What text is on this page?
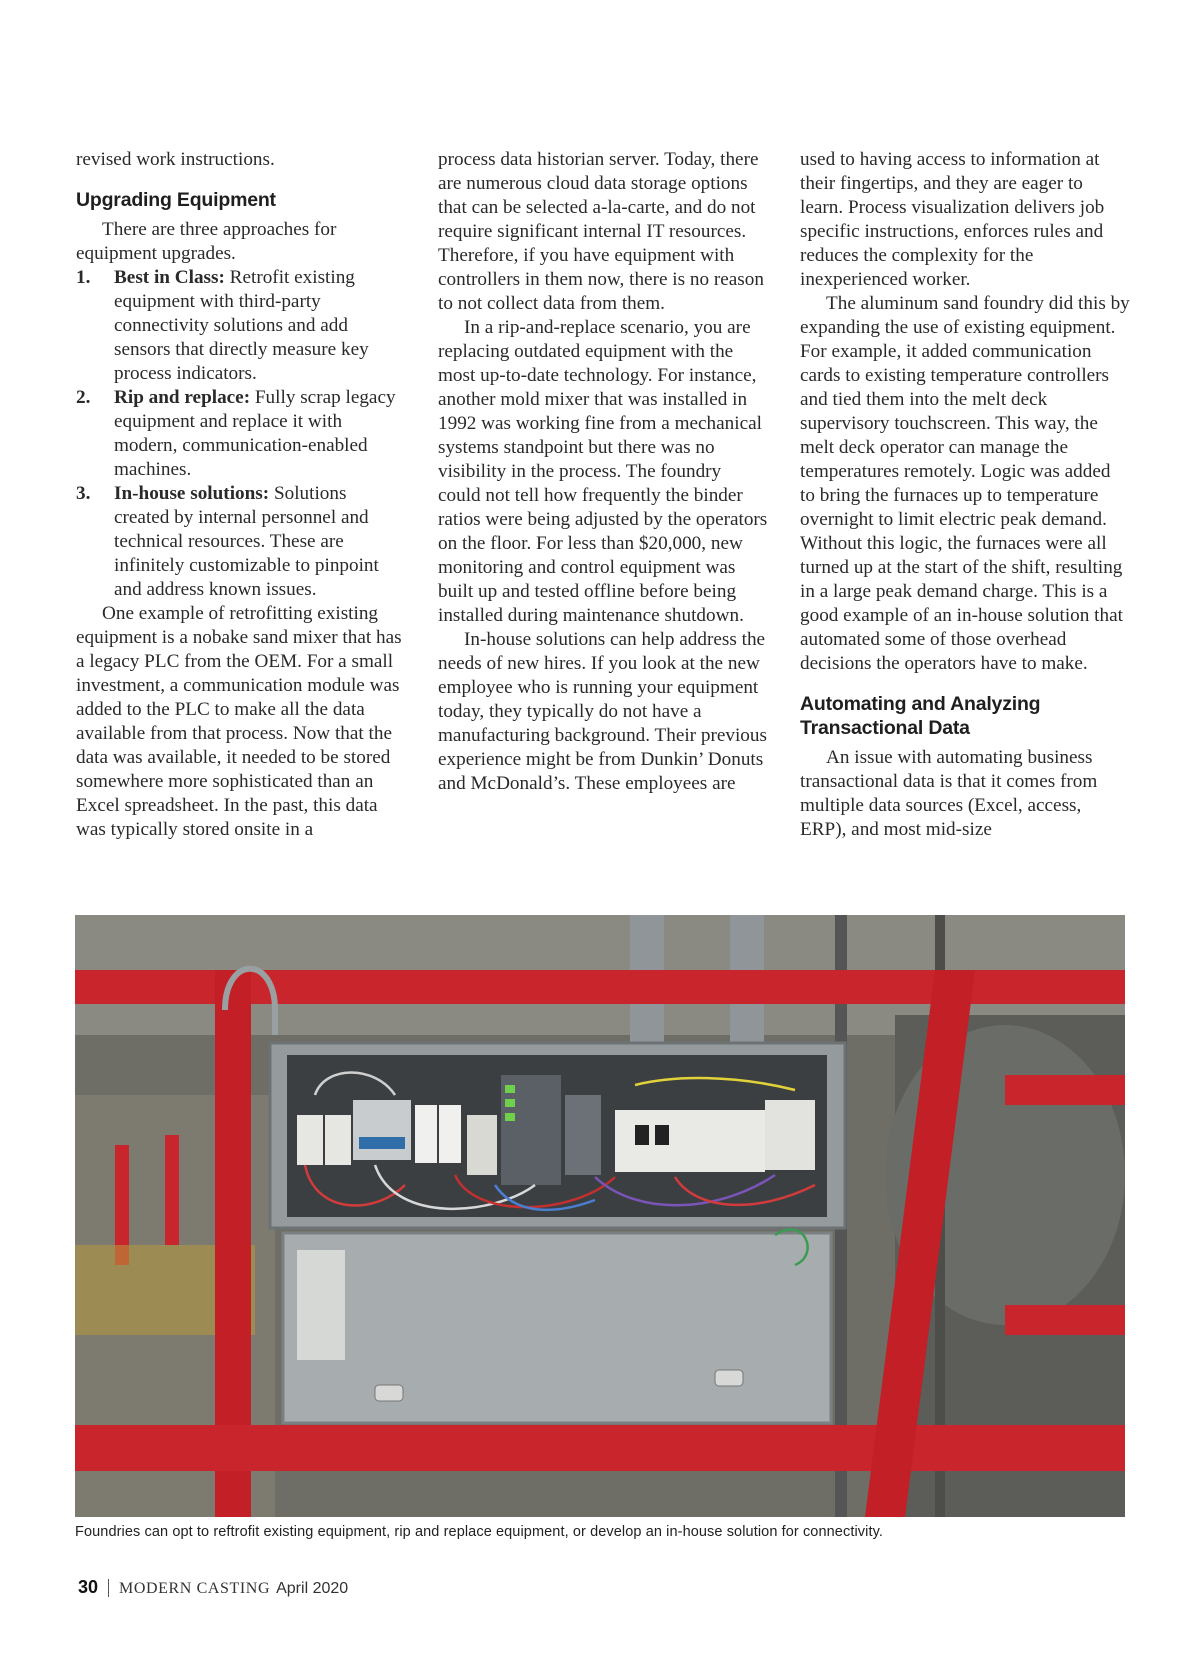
revised work instructions.

Upgrading Equipment

There are three approaches for equipment upgrades.

1. Best in Class: Retrofit existing equipment with third-party connectivity solutions and add sensors that directly measure key process indicators.
2. Rip and replace: Fully scrap legacy equipment and replace it with modern, communication-enabled machines.
3. In-house solutions: Solutions created by internal personnel and technical resources. These are infinitely customizable to pinpoint and address known issues.

One example of retrofitting existing equipment is a nobake sand mixer that has a legacy PLC from the OEM. For a small investment, a communication module was added to the PLC to make all the data available from that process. Now that the data was available, it needed to be stored somewhere more sophisticated than an Excel spreadsheet. In the past, this data was typically stored onsite in a

process data historian server. Today, there are numerous cloud data storage options that can be selected a-la-carte, and do not require significant internal IT resources. Therefore, if you have equipment with controllers in them now, there is no reason to not collect data from them.

In a rip-and-replace scenario, you are replacing outdated equipment with the most up-to-date technology. For instance, another mold mixer that was installed in 1992 was working fine from a mechanical systems standpoint but there was no visibility in the process. The foundry could not tell how frequently the binder ratios were being adjusted by the operators on the floor. For less than $20,000, new monitoring and control equipment was built up and tested offline before being installed during maintenance shutdown.

In-house solutions can help address the needs of new hires. If you look at the new employee who is running your equipment today, they typically do not have a manufacturing background. Their previous experience might be from Dunkin’ Donuts and McDonald’s. These employees are

used to having access to information at their fingertips, and they are eager to learn. Process visualization delivers job specific instructions, enforces rules and reduces the complexity for the inexperienced worker.

The aluminum sand foundry did this by expanding the use of existing equipment. For example, it added communication cards to existing temperature controllers and tied them into the melt deck supervisory touchscreen. This way, the melt deck operator can manage the temperatures remotely. Logic was added to bring the furnaces up to temperature overnight to limit electric peak demand. Without this logic, the furnaces were all turned up at the start of the shift, resulting in a large peak demand charge. This is a good example of an in-house solution that automated some of those overhead decisions the operators have to make.

Automating and Analyzing Transactional Data

An issue with automating business transactional data is that it comes from multiple data sources (Excel, access, ERP), and most mid-size

Foundries can opt to reftrofit existing equipment, rip and replace equipment, or develop an in-house solution for connectivity.
30 MODERN CASTING April 2020
